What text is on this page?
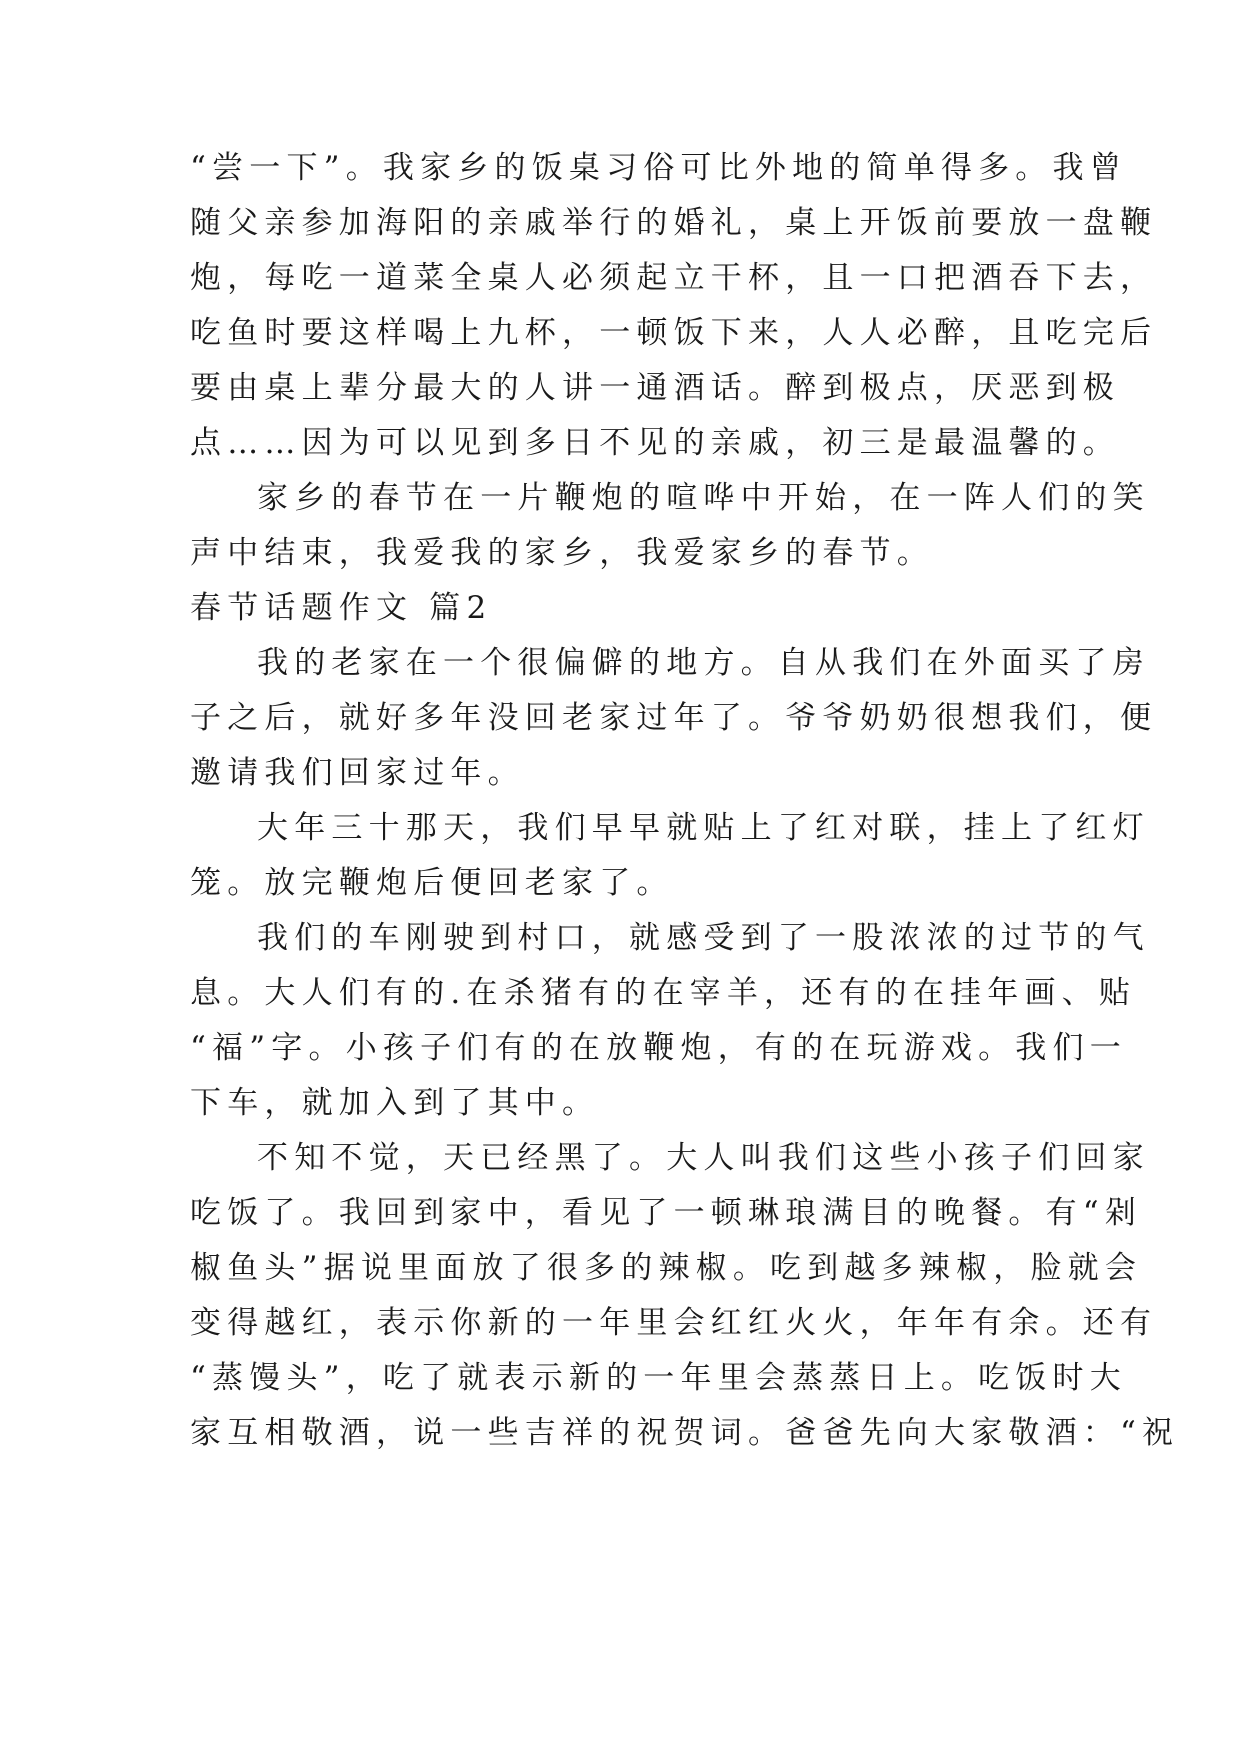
“尝一下”。我家乡的饭桌习俗可比外地的简单得多。我曾
随父亲参加海阳的亲戚举行的婚礼，桌上开饭前要放一盘鞭
炮，每吃一道菜全桌人必须起立干杯，且一口把酒吞下去，
吃鱼时要这样喝上九杯，一顿饭下来，人人必醉，且吃完后
要由桌上辈分最大的人讲一通酒话。醉到极点，厌恶到极
点……因为可以见到多日不见的亲戚，初三是最温馨的。
家乡的春节在一片鞭炮的喧哗中开始，在一阵人们的笑
声中结束，我爱我的家乡，我爱家乡的春节。
春节话题作文 篇2
我的老家在一个很偏僻的地方。自从我们在外面买了房
子之后，就好多年没回老家过年了。爷爷奶奶很想我们，便
邀请我们回家过年。
大年三十那天，我们早早就贴上了红对联，挂上了红灯
笼。放完鞭炮后便回老家了。
我们的车刚驶到村口，就感受到了一股浓浓的过节的气
息。大人们有的.在杀猪有的在宰羊，还有的在挂年画、贴
“福”字。小孩子们有的在放鞭炮，有的在玩游戏。我们一
下车，就加入到了其中。
不知不觉，天已经黑了。大人叫我们这些小孩子们回家
吃饭了。我回到家中，看见了一顿琳琅满目的晚餐。有“剁
椒鱼头”据说里面放了很多的辣椒。吃到越多辣椒，脸就会
变得越红，表示你新的一年里会红红火火，年年有余。还有
“蒸馒头”，吃了就表示新的一年里会蒸蒸日上。吃饭时大
家互相敬酒，说一些吉祥的祝贺词。爸爸先向大家敬酒：“祝
